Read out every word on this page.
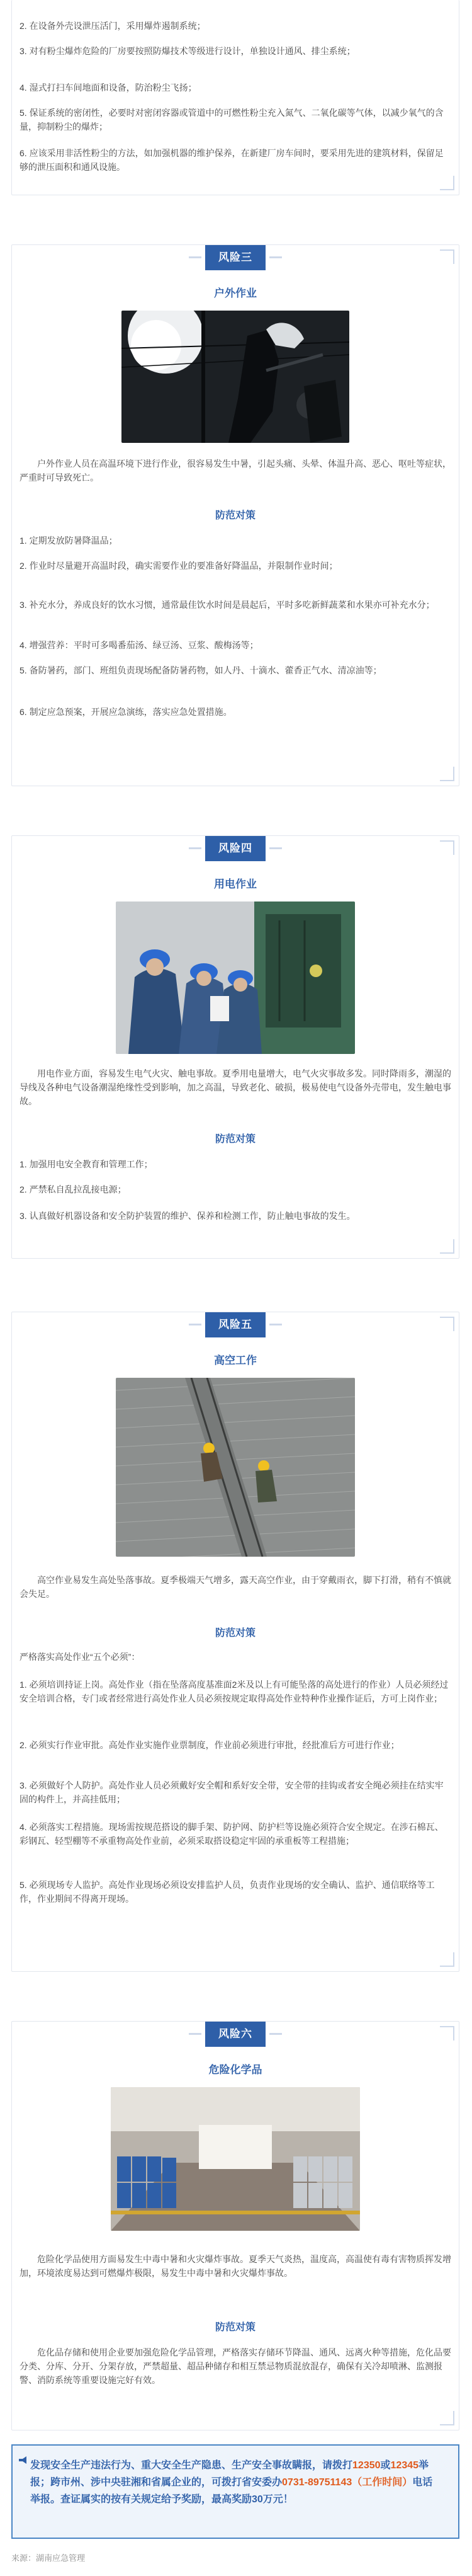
2. 在设备外壳设泄压活门，采用爆炸遏制系统；
3. 对有粉尘爆炸危险的厂房要按照防爆技术等级进行设计，单独设计通风、排尘系统；
4. 湿式打扫车间地面和设备，防治粉尘飞扬；
5. 保证系统的密闭性，必要时对密闭容器或管道中的可燃性粉尘充入氮气、二氧化碳等气体，以减少氧气的含量，抑制粉尘的爆炸；
6. 应该采用非活性粉尘的方法，如加强机器的维护保养，在新建厂房车间时，要采用先进的建筑材料，保留足够的泄压面积和通风设施。
风险三
户外作业
户外作业人员在高温环境下进行作业，很容易发生中暑，引起头痛、头晕、体温升高、恶心、呕吐等症状，严重时可导致死亡。
防范对策
1. 定期发放防暑降温品；
2. 作业时尽量避开高温时段，确实需要作业的要准备好降温品，并限制作业时间；
3. 补充水分，养成良好的饮水习惯，通常最佳饮水时间是晨起后，平时多吃新鲜蔬菜和水果亦可补充水分；
4. 增强营养：平时可多喝番茄汤、绿豆汤、豆浆、酸梅汤等；
5. 备防暑药，部门、班组负责现场配备防暑药物，如人丹、十滴水、藿香正气水、清凉油等；
6. 制定应急预案，开展应急演练，落实应急处置措施。
风险四
用电作业
用电作业方面，容易发生电气火灾、触电事故。夏季用电量增大，电气火灾事故多发。同时降雨多，潮湿的导线及各种电气设备潮湿绝缘性受到影响，加之高温，导致老化、破损，极易使电气设备外壳带电，发生触电事故。
防范对策
1. 加强用电安全教育和管理工作；
2. 严禁私自乱拉乱接电源；
3. 认真做好机器设备和安全防护装置的维护、保养和检测工作，防止触电事故的发生。
风险五
高空工作
高空作业易发生高处坠落事故。夏季极端天气增多，露天高空作业，由于穿戴雨衣，脚下打滑，稍有不慎就会失足。
防范对策
严格落实高处作业“五个必须”：
1. 必须培训持证上岗。高处作业（指在坠落高度基准面2米及以上有可能坠落的高处进行的作业）人员必须经过安全培训合格，专门或者经常进行高处作业人员必须按规定取得高处作业特种作业操作证后，方可上岗作业；
2. 必须实行作业审批。高处作业实施作业票制度，作业前必须进行审批，经批准后方可进行作业；
3. 必须做好个人防护。高处作业人员必须戴好安全帽和系好安全带，安全带的挂钩或者安全绳必须挂在结实牢固的构件上，并高挂低用；
4. 必须落实工程措施。现场需按规范搭设的脚手架、防护网、防护栏等设施必须符合安全规定。在涉石棉瓦、彩钢瓦、轻型棚等不承重物高处作业前，必须采取搭设稳定牢固的承重板等工程措施；
5. 必须现场专人监护。高处作业现场必须设安排监护人员，负责作业现场的安全确认、监护、通信联络等工作，作业期间不得离开现场。
风险六
危险化学品
危险化学品使用方面易发生中毒中暑和火灾爆炸事故。夏季天气炎热，温度高，高温使有毒有害物质挥发增加，环境浓度易达到可燃爆炸极限，易发生中毒中暑和火灾爆炸事故。
防范对策
危化品存储和使用企业要加强危险化学品管理，严格落实存储环节降温、通风、远离火种等措施，危化品要分类、分库、分开、分架存放，严禁超量、超品种储存和相互禁忌物质混放混存，确保有关冷却喷淋、监测报警、消防系统等重要设施完好有效。
发现安全生产违法行为、重大安全生产隐患、生产安全事故瞒报，请拨打12350或12345举报；跨市州、涉中央驻湘和省属企业的，可拨打省安委办0731-89751143（工作时间）电话举报。查证属实的按有关规定给予奖励，最高奖励30万元！
来源：湖南应急管理
